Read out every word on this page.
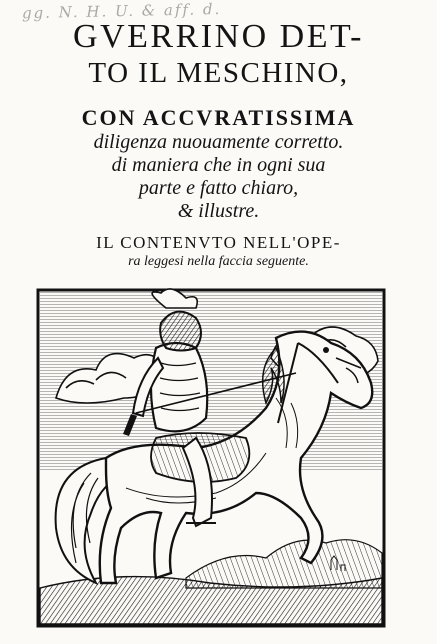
gg. N. H. U. & aff. d.
GVERRINO DET-
TO IL MESCHINO,
CON ACCVRATISSIMA
diligenza nuouamente corretto.
di maniera che in ogni sua
parte e fatto chiaro,
& illustre.
IL CONTENVTO NELL'OPE-
ra leggesi nella faccia seguente.
